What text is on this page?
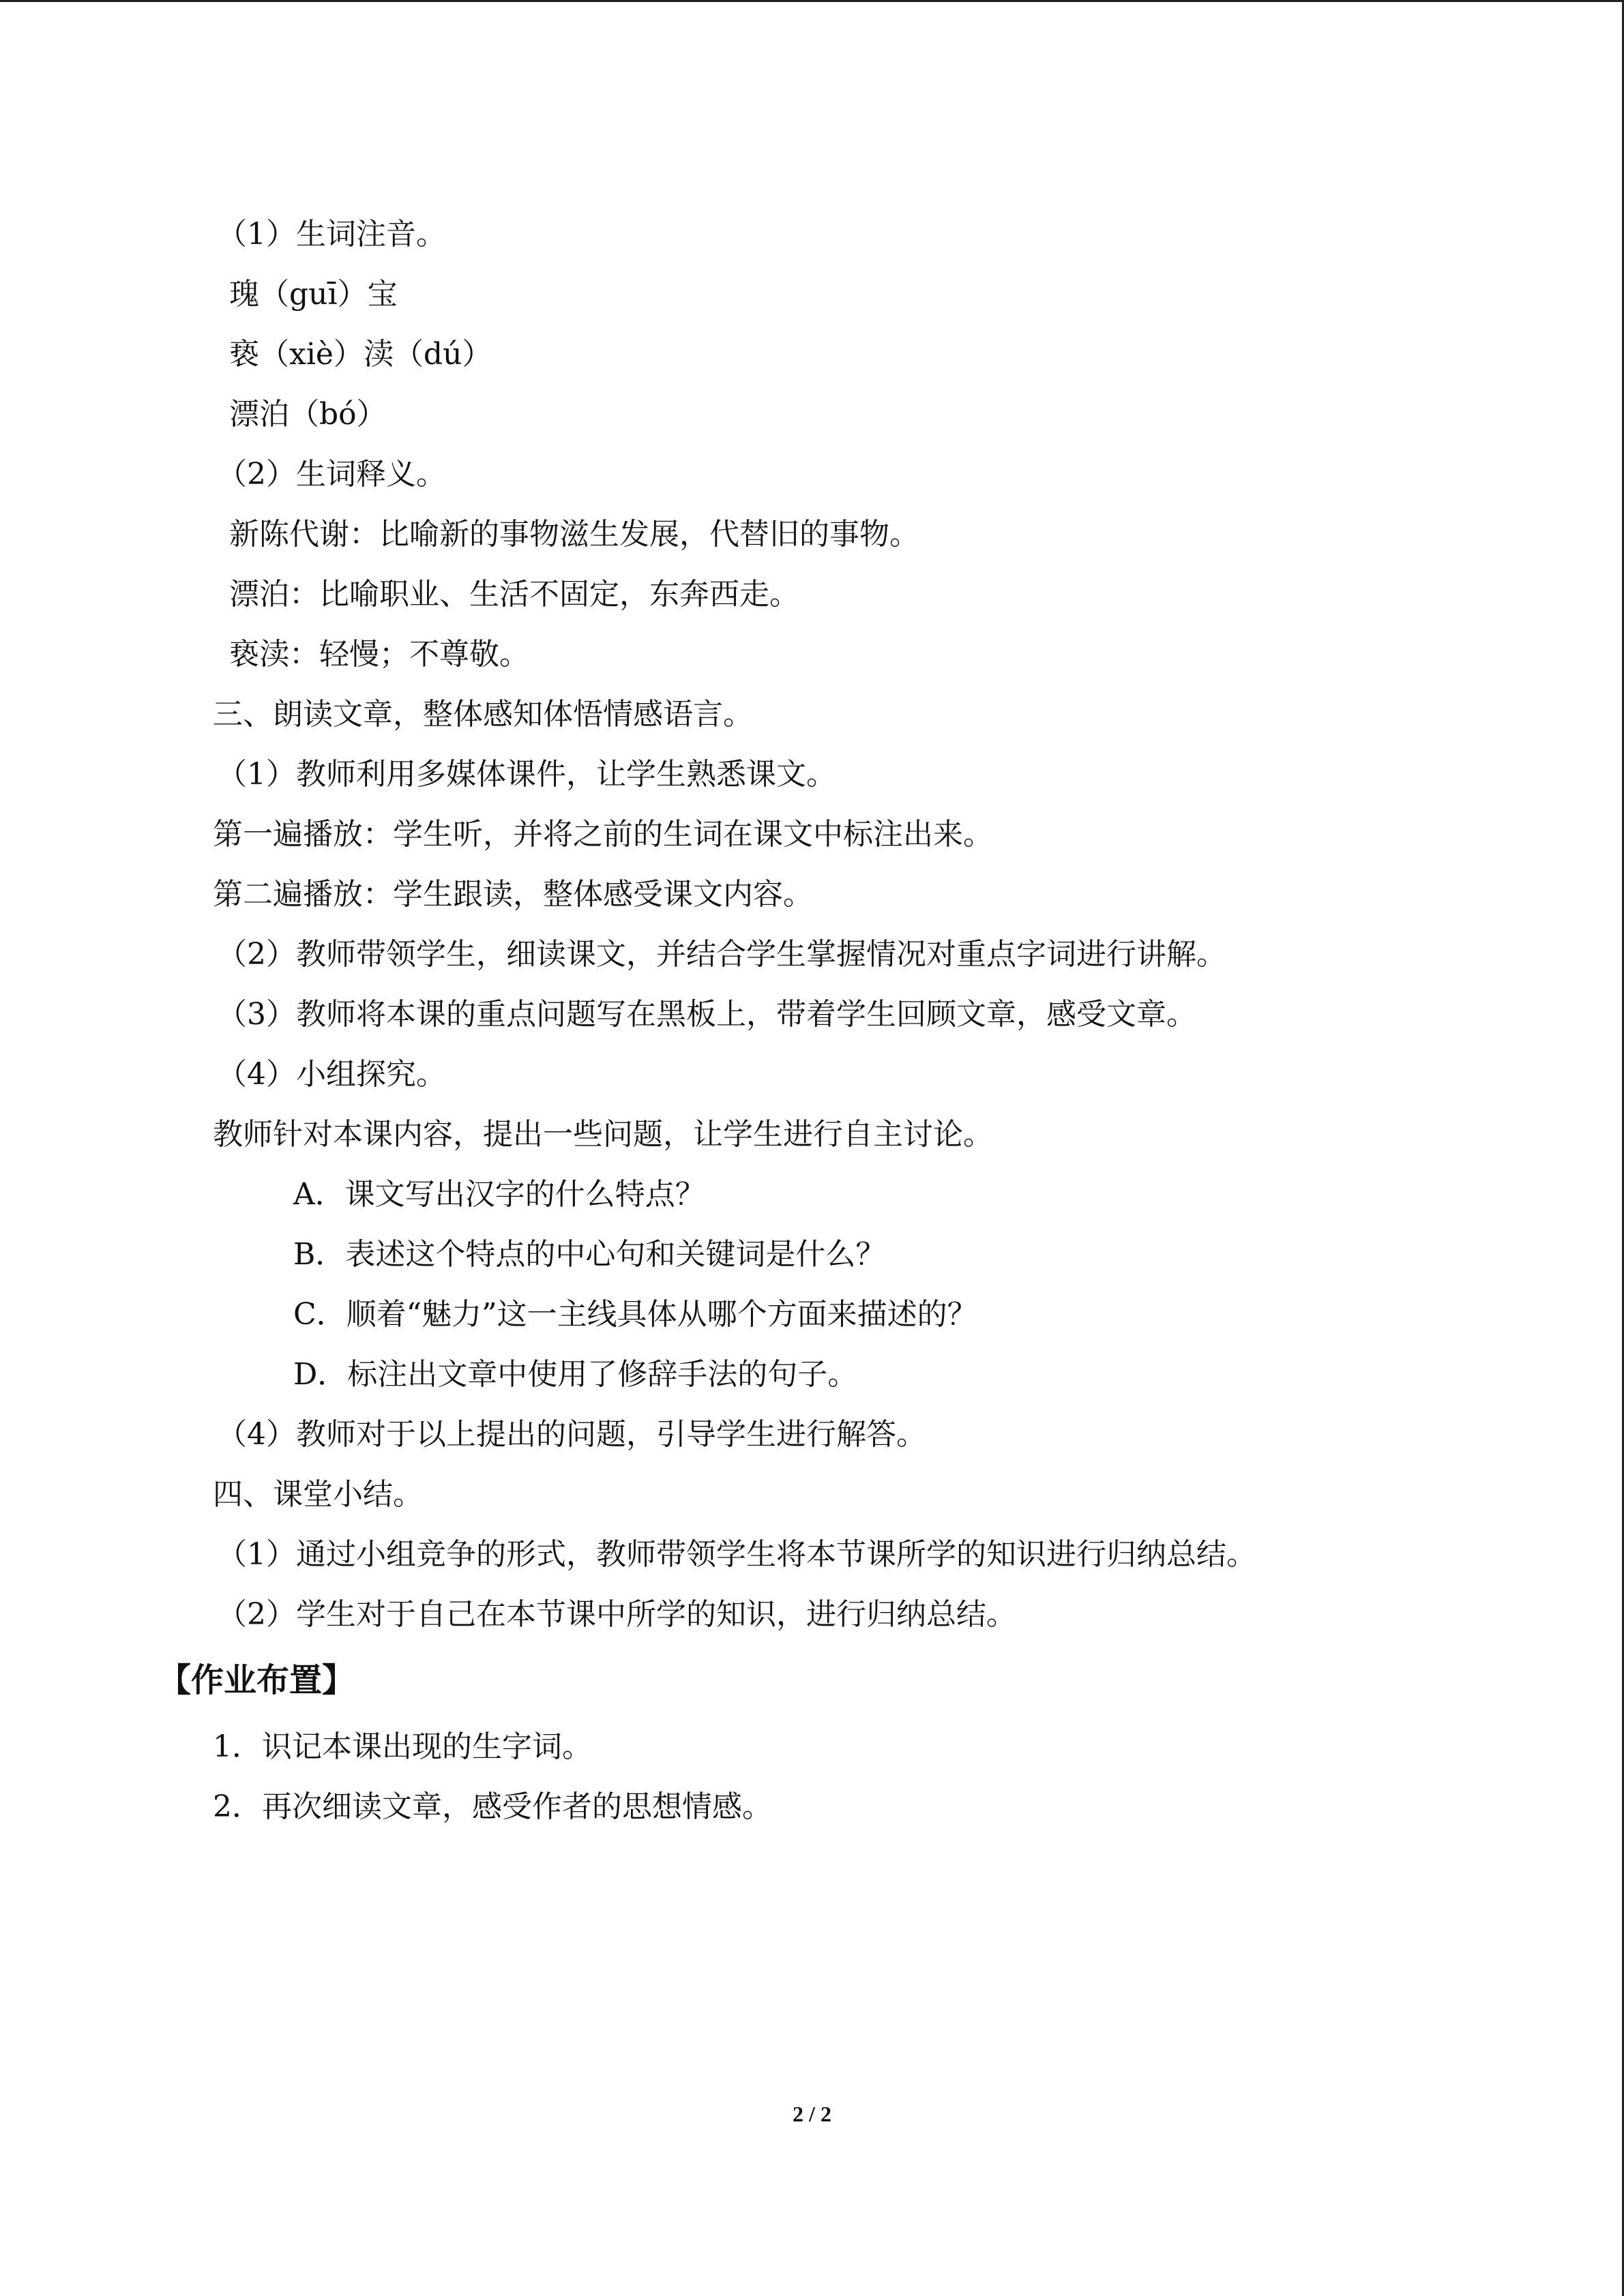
（1）生词注音。
瑰（guī）宝
亵（xiè）渎（dú）
漂泊（bó）
（2）生词释义。
新陈代谢：比喻新的事物滋生发展，代替旧的事物。
漂泊：比喻职业、生活不固定，东奔西走。
亵渎：轻慢；不尊敬。
三、朗读文章，整体感知体悟情感语言。
（1）教师利用多媒体课件，让学生熟悉课文。
第一遍播放：学生听，并将之前的生词在课文中标注出来。
第二遍播放：学生跟读，整体感受课文内容。
（2）教师带领学生，细读课文，并结合学生掌握情况对重点字词进行讲解。
（3）教师将本课的重点问题写在黑板上，带着学生回顾文章，感受文章。
（4）小组探究。
教师针对本课内容，提出一些问题，让学生进行自主讨论。
A．课文写出汉字的什么特点？
B．表述这个特点的中心句和关键词是什么？
C．顺着“魅力”这一主线具体从哪个方面来描述的？
D．标注出文章中使用了修辞手法的句子。
（4）教师对于以上提出的问题，引导学生进行解答。
四、课堂小结。
（1）通过小组竞争的形式，教师带领学生将本节课所学的知识进行归纳总结。
（2）学生对于自己在本节课中所学的知识，进行归纳总结。
【作业布置】
1．识记本课出现的生字词。
2．再次细读文章，感受作者的思想情感。
2 / 2
